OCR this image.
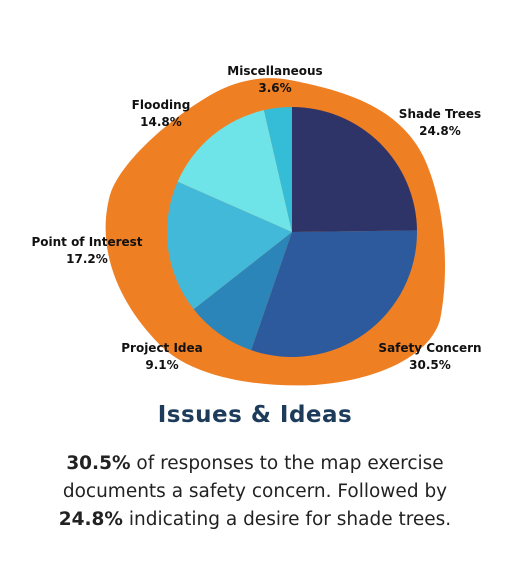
Shade Trees
24.8%
Safety Concern
30.5%
Project Idea
9.1%
Point of Interest
17.2%
Flooding
14.8%
Miscellaneous
3.6%
Issues & Ideas
30.5% of responses to the map exercise documents a safety concern. Followed by 24.8% indicating a desire for shade trees.
